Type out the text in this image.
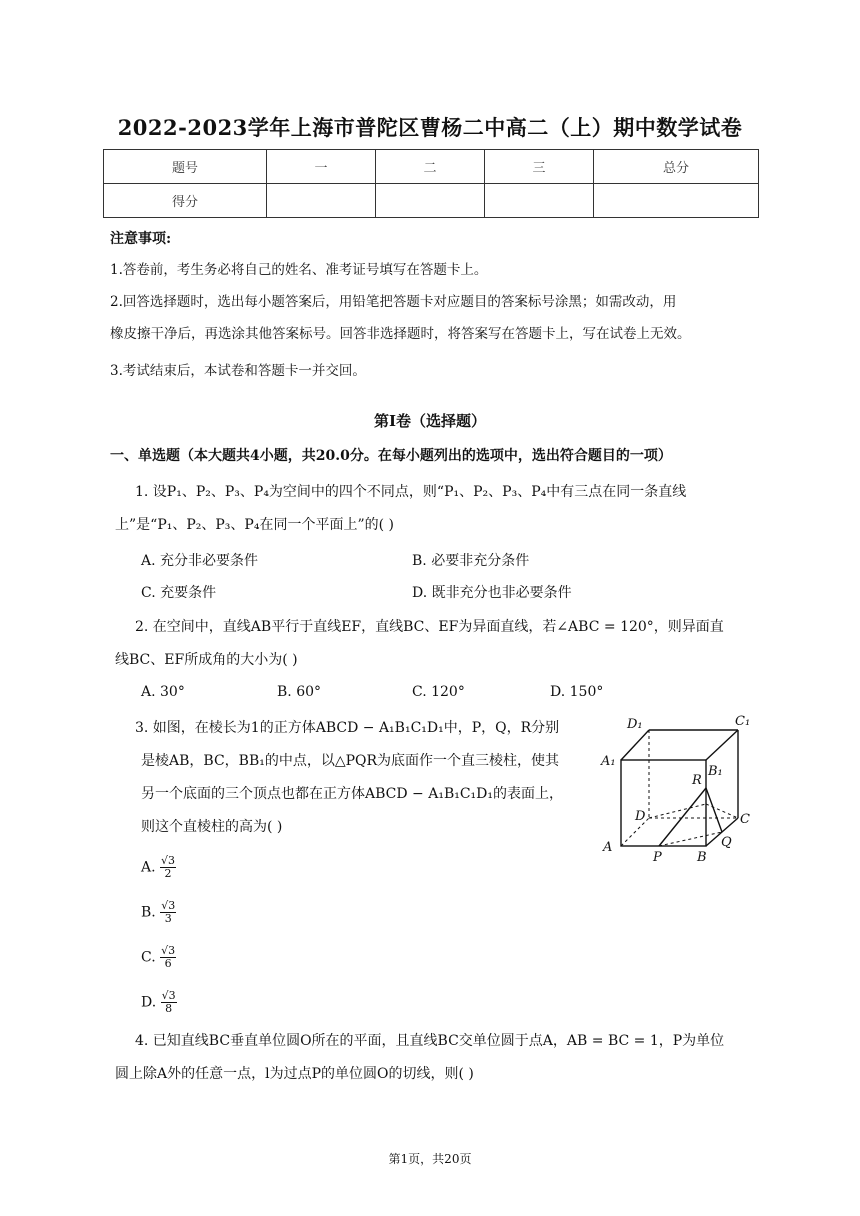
2022-2023学年上海市普陀区曹杨二中高二（上）期中数学试卷
题号	一	二	三	总分
得分				
注意事项:
1.答卷前，考生务必将自己的姓名、准考证号填写在答题卡上。
2.回答选择题时，选出每小题答案后，用铅笔把答题卡对应题目的答案标号涂黑；如需改动，用
橡皮擦干净后，再选涂其他答案标号。回答非选择题时，将答案写在答题卡上，写在试卷上无效。
3.考试结束后，本试卷和答题卡一并交回。
第I卷（选择题）
一、单选题（本大题共4小题，共20.0分。在每小题列出的选项中，选出符合题目的一项）
1. 设P₁、P₂、P₃、P₄为空间中的四个不同点，则“P₁、P₂、P₃、P₄中有三点在同一条直线
上”是“P₁、P₂、P₃、P₄在同一个平面上”的( )
A. 充分非必要条件	B. 必要非充分条件
C. 充要条件	D. 既非充分也非必要条件
2. 在空间中，直线AB平行于直线EF，直线BC、EF为异面直线，若∠ABC = 120°，则异面直
线BC、EF所成角的大小为( )
A. 30°	B. 60°	C. 120°	D. 150°
3. 如图，在棱长为1的正方体ABCD − A₁B₁C₁D₁中，P，Q，R分别
是棱AB，BC，BB₁的中点，以△PQR为底面作一个直三棱柱，使其
另一个底面的三个顶点也都在正方体ABCD − A₁B₁C₁D₁的表面上，
则这个直棱柱的高为( )
A. $\frac{√3}{2}$
B. $\frac{√3}{3}$
C. $\frac{√3}{6}$
D. $\frac{√3}{8}$
D₁	C₁
A₁
B₁
R
D	C
A
P	B
Q
4. 已知直线BC垂直单位圆O所在的平面，且直线BC交单位圆于点A，AB = BC = 1，P为单位
圆上除A外的任意一点，l为过点P的单位圆O的切线，则( )
第1页，共20页
